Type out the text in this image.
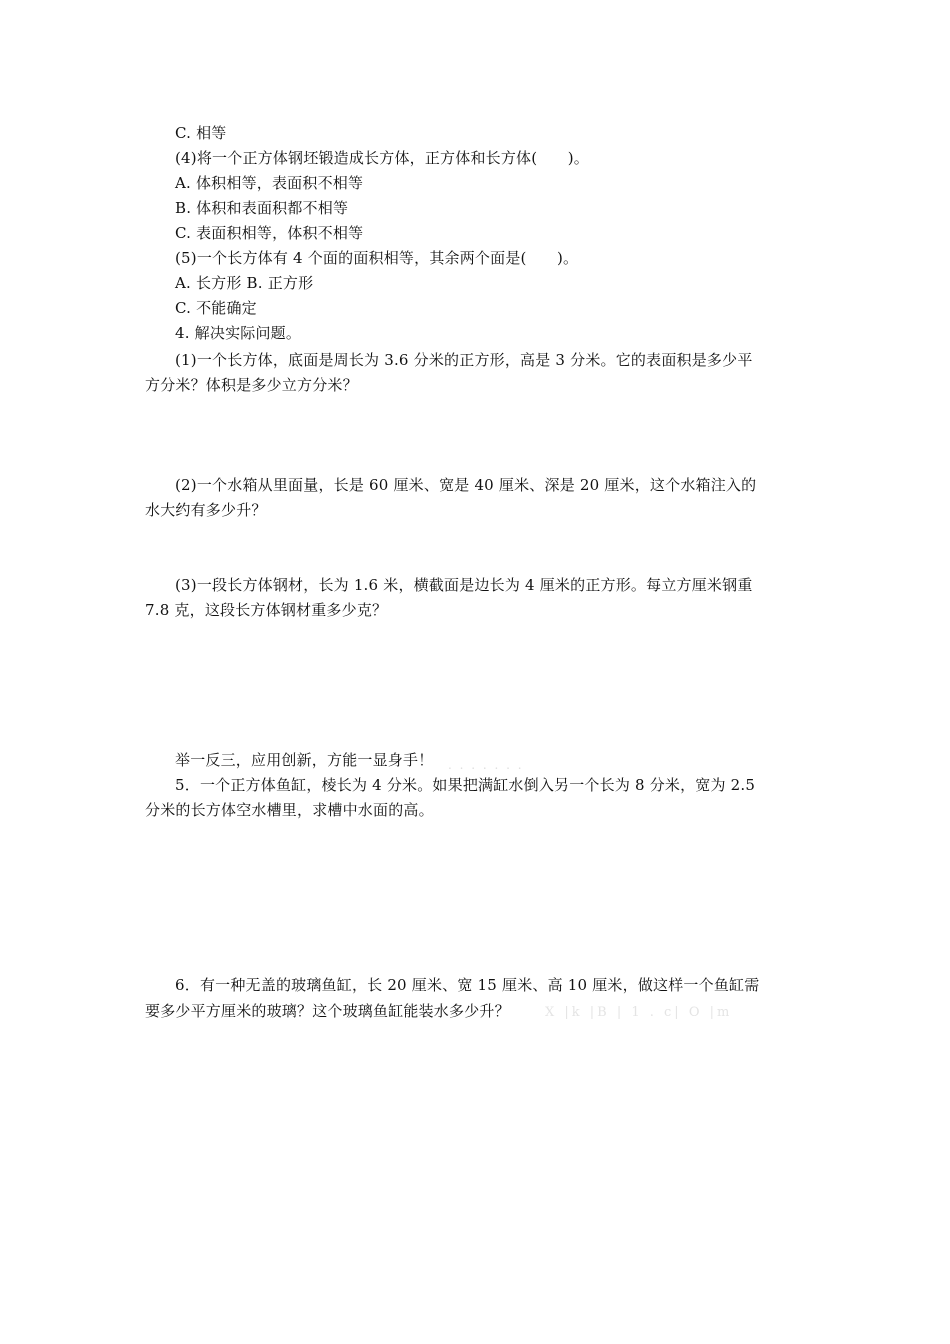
C. 相等
(4)将一个正方体钢坯锻造成长方体，正方体和长方体(　　)。
A. 体积相等，表面积不相等
B. 体积和表面积都不相等
C. 表面积相等，体积不相等
(5)一个长方体有 4 个面的面积相等，其余两个面是(　　)。
A. 长方形 B. 正方形
C. 不能确定
4. 解决实际问题。
(1)一个长方体，底面是周长为 3.6 分米的正方形，高是 3 分米。它的表面积是多少平
方分米？体积是多少立方分米？
(2)一个水箱从里面量，长是 60 厘米、宽是 40 厘米、深是 20 厘米，这个水箱注入的
水大约有多少升？
(3)一段长方体钢材，长为 1.6 米，横截面是边长为 4 厘米的正方形。每立方厘米钢重
7.8 克，这段长方体钢材重多少克？
举一反三，应用创新，方能一显身手！ . . . . . . .
5．一个正方体鱼缸，棱长为 4 分米。如果把满缸水倒入另一个长为 8 分米，宽为 2.5
分米的长方体空水槽里，求槽中水面的高。
6．有一种无盖的玻璃鱼缸，长 20 厘米、宽 15 厘米、高 10 厘米，做这样一个鱼缸需
要多少平方厘米的玻璃？这个玻璃鱼缸能装水多少升？	X |k |B | 1 . c| O |m
